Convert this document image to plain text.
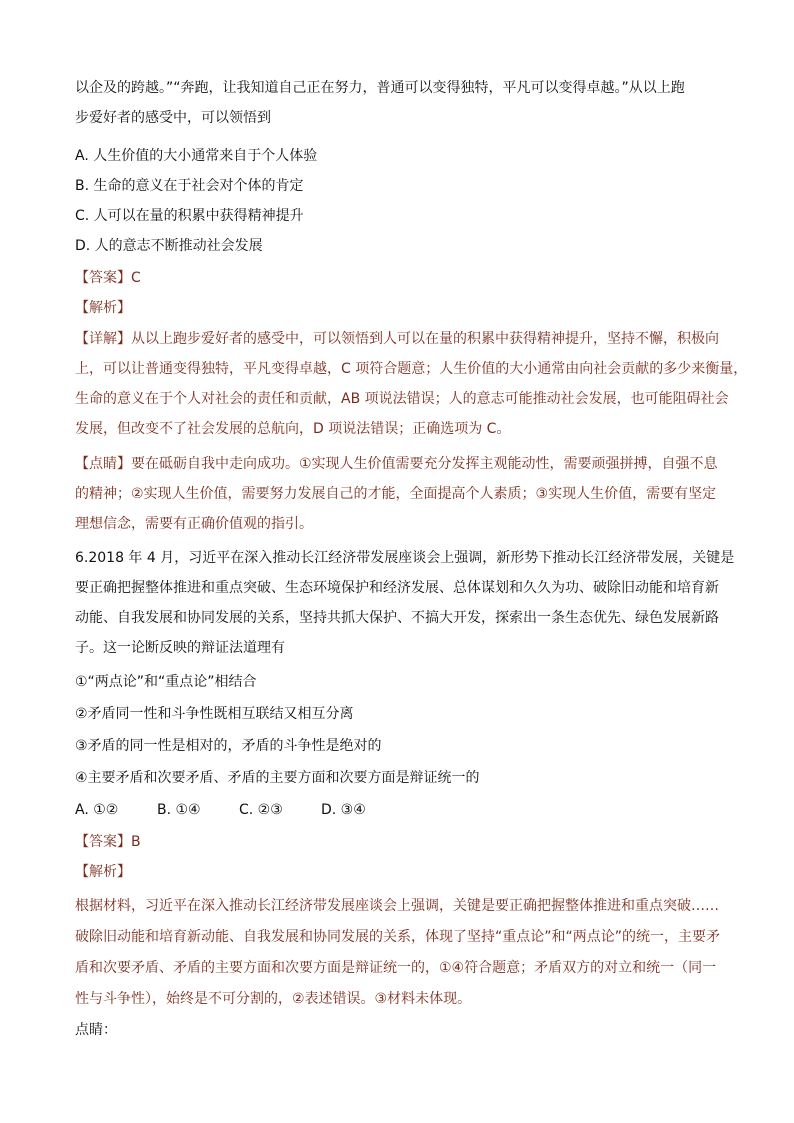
以企及的跨越。”“奔跑，让我知道自己正在努力，普通可以变得独特，平凡可以变得卓越。”从以上跑

步爱好者的感受中，可以领悟到

A. 人生价值的大小通常来自于个人体验

B. 生命的意义在于社会对个体的肯定

C. 人可以在量的积累中获得精神提升

D. 人的意志不断推动社会发展

【答案】C

【解析】

【详解】从以上跑步爱好者的感受中，可以领悟到人可以在量的积累中获得精神提升，坚持不懈，积极向

上，可以让普通变得独特，平凡变得卓越，C 项符合题意；人生价值的大小通常由向社会贡献的多少来衡量，

生命的意义在于个人对社会的责任和贡献，AB 项说法错误；人的意志可能推动社会发展，也可能阻碍社会

发展，但改变不了社会发展的总航向，D 项说法错误；正确选项为 C。

【点睛】要在砥砺自我中走向成功。①实现人生价值需要充分发挥主观能动性，需要顽强拼搏，自强不息

的精神；②实现人生价值，需要努力发展自己的才能，全面提高个人素质；③实现人生价值，需要有坚定

理想信念，需要有正确价值观的指引。

6.2018 年 4 月，习近平在深入推动长江经济带发展座谈会上强调，新形势下推动长江经济带发展，关键是

要正确把握整体推进和重点突破、生态环境保护和经济发展、总体谋划和久久为功、破除旧动能和培育新

动能、自我发展和协同发展的关系，坚持共抓大保护、不搞大开发，探索出一条生态优先、绿色发展新路

子。这一论断反映的辩证法道理有

①“两点论”和“重点论”相结合

②矛盾同一性和斗争性既相互联结又相互分离

③矛盾的同一性是相对的，矛盾的斗争性是绝对的

④主要矛盾和次要矛盾、矛盾的主要方面和次要方面是辩证统一的

A. ①②	B. ①④	C. ②③	D. ③④

【答案】B

【解析】

根据材料，习近平在深入推动长江经济带发展座谈会上强调，关键是要正确把握整体推进和重点突破……

破除旧动能和培育新动能、自我发展和协同发展的关系，体现了坚持“重点论”和“两点论”的统一，主要矛

盾和次要矛盾、矛盾的主要方面和次要方面是辩证统一的，①④符合题意；矛盾双方的对立和统一（同一

性与斗争性），始终是不可分割的，②表述错误。③材料未体现。

点睛：
